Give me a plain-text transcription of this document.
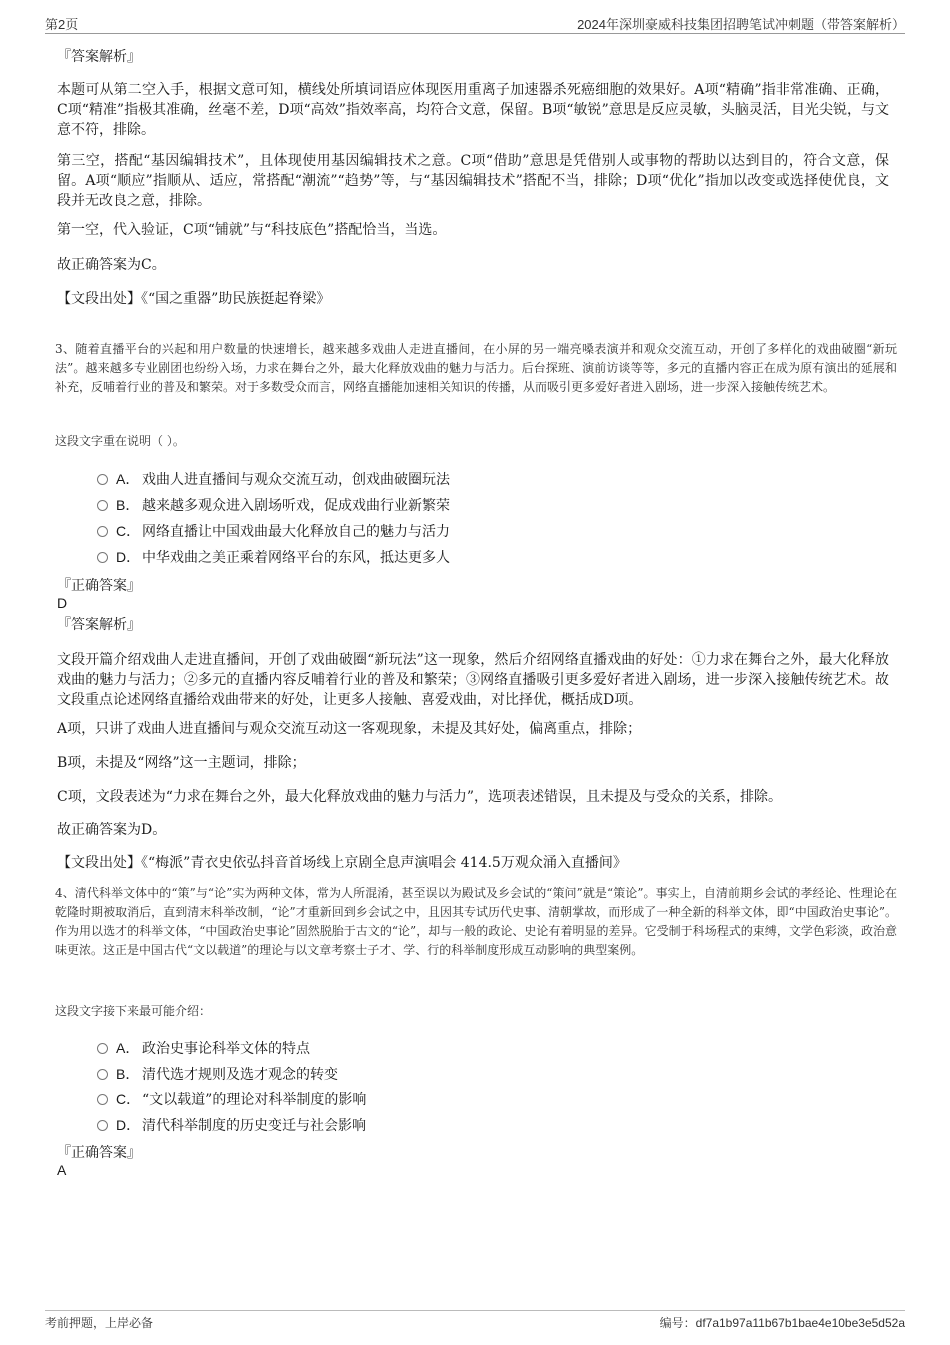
第2页	2024年深圳豪威科技集团招聘笔试冲刺题（带答案解析）
『答案解析』

本题可从第二空入手，根据文意可知，横线处所填词语应体现医用重离子加速器杀死癌细胞的效果好。A项“精确”指非常准确、正确，C项“精准”指极其准确，丝毫不差，D项“高效”指效率高，均符合文意，保留。B项“敏锐”意思是反应灵敏，头脑灵活，目光尖锐，与文意不符，排除。

第三空，搭配“基因编辑技术”，且体现使用基因编辑技术之意。C项“借助”意思是凭借别人或事物的帮助以达到目的，符合文意，保留。A项“顺应”指顺从、适应，常搭配“潮流”“趋势”等，与“基因编辑技术”搭配不当，排除；D项“优化”指加以改变或选择使优良，文段并无改良之意，排除。

第一空，代入验证，C项“铺就”与“科技底色”搭配恰当，当选。

故正确答案为C。

【文段出处】《“国之重器”助民族挺起脊梁》

3、随着直播平台的兴起和用户数量的快速增长，越来越多戏曲人走进直播间，在小屏的另一端亮嗓表演并和观众交流互动，开创了多样化的戏曲破圈“新玩法”。越来越多专业剧团也纷纷入场，力求在舞台之外，最大化释放戏曲的魅力与活力。后台探班、演前访谈等等，多元的直播内容正在成为原有演出的延展和补充，反哺着行业的普及和繁荣。对于多数受众而言，网络直播能加速相关知识的传播，从而吸引更多爱好者进入剧场，进一步深入接触传统艺术。

这段文字重在说明（ ）。
A． 戏曲人进直播间与观众交流互动，创戏曲破圈玩法
B． 越来越多观众进入剧场听戏，促成戏曲行业新繁荣
C． 网络直播让中国戏曲最大化释放自己的魅力与活力
D． 中华戏曲之美正乘着网络平台的东风，抵达更多人
『正确答案』
D
『答案解析』

文段开篇介绍戏曲人走进直播间，开创了戏曲破圈“新玩法”这一现象，然后介绍网络直播戏曲的好处：①力求在舞台之外，最大化释放戏曲的魅力与活力；②多元的直播内容反哺着行业的普及和繁荣；③网络直播吸引更多爱好者进入剧场，进一步深入接触传统艺术。故文段重点论述网络直播给戏曲带来的好处，让更多人接触、喜爱戏曲，对比择优，概括成D项。

A项，只讲了戏曲人进直播间与观众交流互动这一客观现象，未提及其好处，偏离重点，排除；

B项，未提及“网络”这一主题词，排除；

C项，文段表述为“力求在舞台之外，最大化释放戏曲的魅力与活力”，选项表述错误，且未提及与受众的关系，排除。

故正确答案为D。

【文段出处】《“梅派”青衣史依弘抖音首场线上京剧全息声演唱会 414.5万观众涌入直播间》

4、清代科举文体中的“策”与“论”实为两种文体，常为人所混淆，甚至误以为殿试及乡会试的“策问”就是“策论”。事实上，自清前期乡会试的孝经论、性理论在乾隆时期被取消后，直到清末科举改制，“论”才重新回到乡会试之中，且因其专试历代史事、清朝掌故，而形成了一种全新的科举文体，即“中国政治史事论”。作为用以选才的科举文体，“中国政治史事论”固然脱胎于古文的“论”，却与一般的政论、史论有着明显的差异。它受制于科场程式的束缚，文学色彩淡，政治意味更浓。这正是中国古代“文以载道”的理论与以文章考察士子才、学、行的科举制度形成互动影响的典型案例。

这段文字接下来最可能介绍：
A． 政治史事论科举文体的特点
B． 清代选才规则及选才观念的转变
C． “文以载道”的理论对科举制度的影响
D． 清代科举制度的历史变迁与社会影响
『正确答案』
A
考前押题，上岸必备	编号：df7a1b97a11b67b1bae4e10be3e5d52a
